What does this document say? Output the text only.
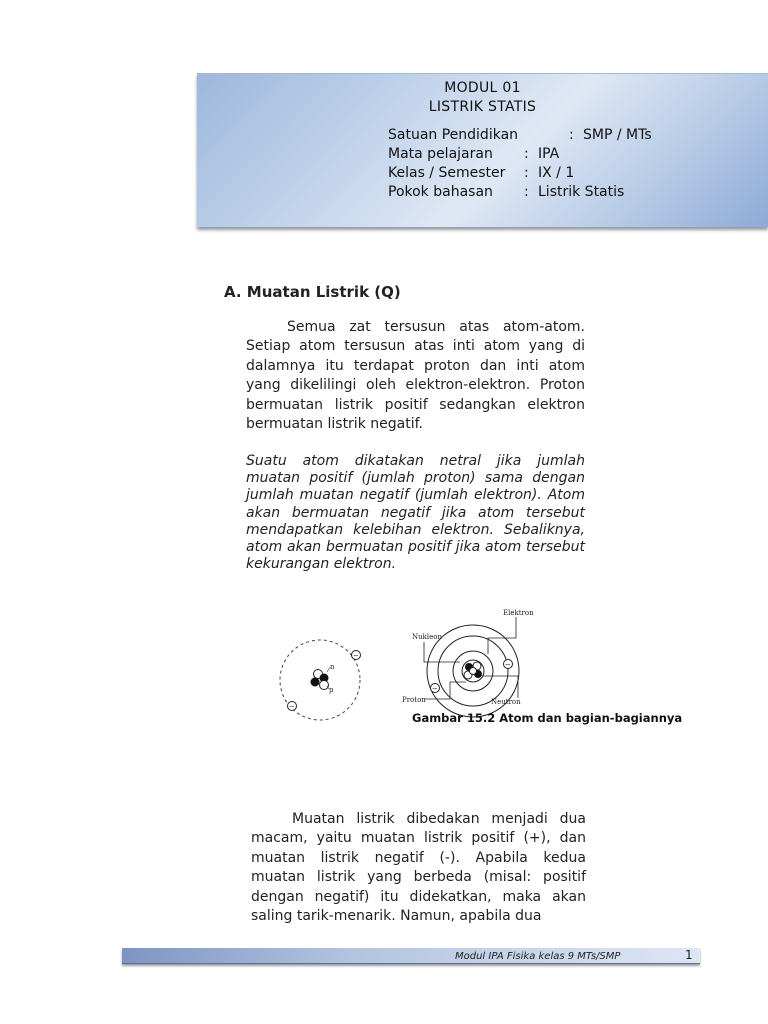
MODUL 01
LISTRIK STATIS
Satuan Pendidikan	: SMP / MTs
Mata pelajaran : IPA
Kelas / Semester : IX / 1
Pokok bahasan : Listrik Statis
A. Muatan Listrik (Q)

Semua zat tersusun atas atom-atom. Setiap atom tersusun atas inti atom yang di dalamnya itu terdapat proton dan inti atom yang dikelilingi oleh elektron-elektron. Proton bermuatan listrik positif sedangkan elektron bermuatan listrik negatif.

Suatu atom dikatakan netral jika jumlah muatan positif (jumlah proton) sama dengan jumlah muatan negatif (jumlah elektron). Atom akan bermuatan negatif jika atom tersebut mendapatkan kelebihan elektron. Sebaliknya, atom akan bermuatan positif jika atom tersebut kekurangan elektron.

n
p
−
−
−
−
Elektron
Nukleon
Proton	Neutron
Gambar 15.2 Atom dan bagian-bagiannya

Muatan listrik dibedakan menjadi dua macam, yaitu muatan listrik positif (+), dan muatan listrik negatif (-). Apabila kedua muatan listrik yang berbeda (misal: positif dengan negatif) itu didekatkan, maka akan saling tarik-menarik. Namun, apabila dua

Modul IPA Fisika kelas 9 MTs/SMP	1
